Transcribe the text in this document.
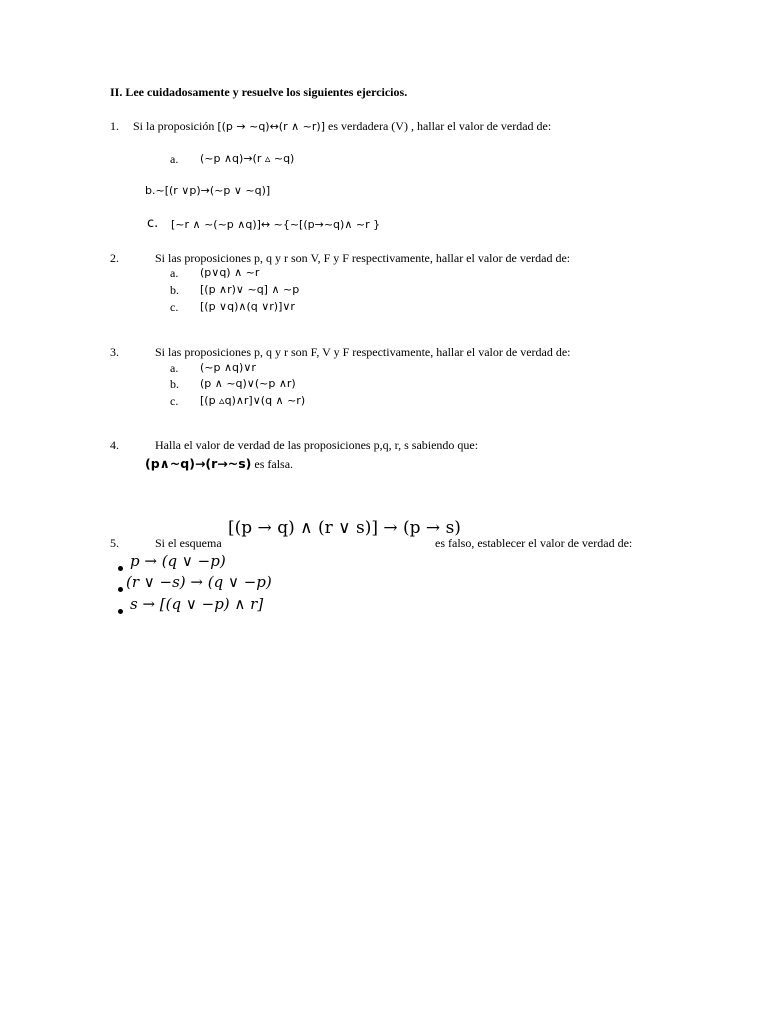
II. Lee cuidadosamente y resuelve los siguientes ejercicios.
1. Si la proposición [(p → ~q)↔(r ∧ ~r)] es verdadera (V) , hallar el valor de verdad de:
a. (~p ∧q)→(r ▵ ~q)
b.~[(r ∨p)→(~p ∨ ~q)]
c. [~r ∧ ~(~p ∧q)]↔ ~{~[(p→~q)∧ ~r }
2.	Si las proposiciones p, q y r son V, F y F respectivamente, hallar el valor de verdad de:
a. (p∨q) ∧ ~r
b. [(p ∧r)∨ ~q] ∧ ~p
c. [(p ∨q)∧(q ∨r)]∨r
3.	Si las proposiciones p, q y r son F, V y F respectivamente, hallar el valor de verdad de:
a. (~p ∧q)∨r
b. (p ∧ ~q)∨(~p ∧r)
c. [(p ▵q)∧r]∨(q ∧ ~r)
4.	Halla el valor de verdad de las proposiciones p,q, r, s sabiendo que:
(p∧~q)→(r→~s) es falsa.
5.	Si el esquema
[(p → q) ∧ (r ∨ s)] → (p → s)
es falso, establecer el valor de verdad de:
p → (q ∨ −p)
(r ∨ −s) → (q ∨ −p)
s → [(q ∨ −p) ∧ r]
